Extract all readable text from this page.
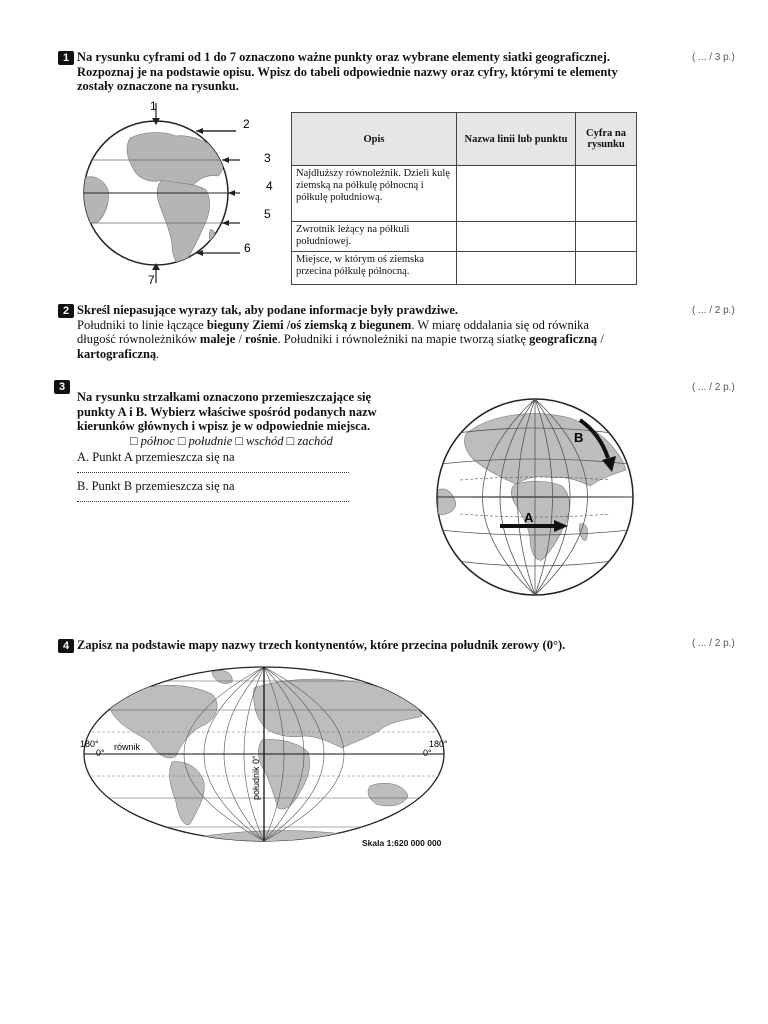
1	( ... / 3 p.)
Na rysunku cyframi od 1 do 7 oznaczono ważne punkty oraz wybrane elementy siatki geograficznej.
Rozpoznaj je na podstawie opisu. Wpisz do tabeli odpowiednie nazwy oraz cyfry, którymi te elementy
zostały oznaczone na rysunku.
1
2
3
4
5
6
7
Opis	Nazwa linii lub punktu	Cyfra na rysunku
Najdłuższy równoleżnik. Dzieli kulę ziemską na półkulę północną i półkulę południową.		
Zwrotnik leżący na półkuli południowej.		
Miejsce, w którym oś ziemska przecina półkulę północną.		
2	( ... / 2 p.)
Skreśl niepasujące wyrazy tak, aby podane informacje były prawdziwe.
Południki to linie łączące bieguny Ziemi /oś ziemską z biegunem. W miarę oddalania się od równika
długość równoleżników maleje / rośnie. Południki i równoleżniki na mapie tworzą siatkę geograficzną /
kartograficzną.
3	( ... / 2 p.)
Na rysunku strzałkami oznaczono przemieszczające się
punkty A i B. Wybierz właściwe spośród podanych nazw
kierunków głównych i wpisz je w odpowiednie miejsca.
□ północ □ południe □ wschód □ zachód
A. Punkt A przemieszcza się na
B. Punkt B przemieszcza się na
B
A
4	( ... / 2 p.)
Zapisz na podstawie mapy nazwy trzech kontynentów, które przecina południk zerowy (0°).
180°
0°
równik	180°
0°
południk 0°
Skala 1:620 000 000
